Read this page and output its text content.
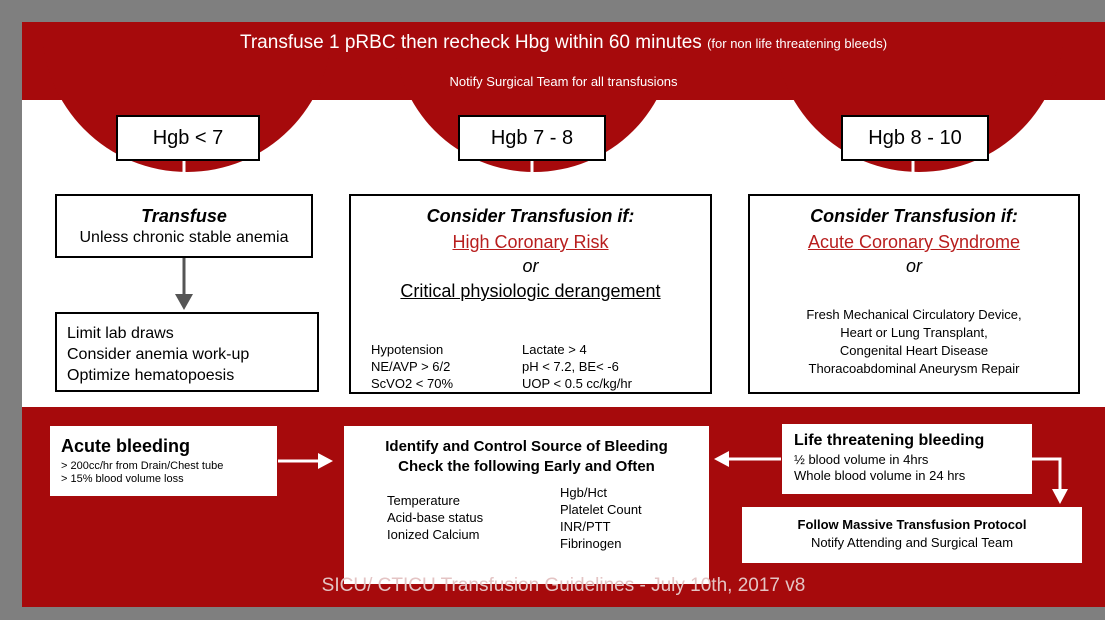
Transfuse 1 pRBC then recheck Hbg within 60 minutes (for non life threatening bleeds)
Notify Surgical Team for all transfusions
Hgb < 7	Hgb 7 - 8	Hgb 8 - 10
Transfuse
Unless chronic stable anemia
Limit lab draws
Consider anemia work-up
Optimize hematopoesis
Consider Transfusion if:
High Coronary Risk
or
Critical physiologic derangement
Hypotension
NE/AVP > 6/2
ScVO2 < 70%
Lactate > 4
pH < 7.2, BE< -6
UOP < 0.5 cc/kg/hr
Consider Transfusion if:
Acute Coronary Syndrome
or
Fresh Mechanical Circulatory Device,
Heart or Lung Transplant,
Congenital Heart Disease
Thoracoabdominal Aneurysm Repair
Acute bleeding
> 200cc/hr from Drain/Chest tube
> 15% blood volume loss
Identify and Control Source of Bleeding
Check the following Early and Often
Temperature
Acid-base status
Ionized Calcium
Hgb/Hct
Platelet Count
INR/PTT
Fibrinogen
Life threatening bleeding
½ blood volume in 4hrs
Whole blood volume in 24 hrs
Follow Massive Transfusion Protocol
Notify Attending and Surgical Team
SICU/ CTICU Transfusion Guidelines - July 10th, 2017 v8
